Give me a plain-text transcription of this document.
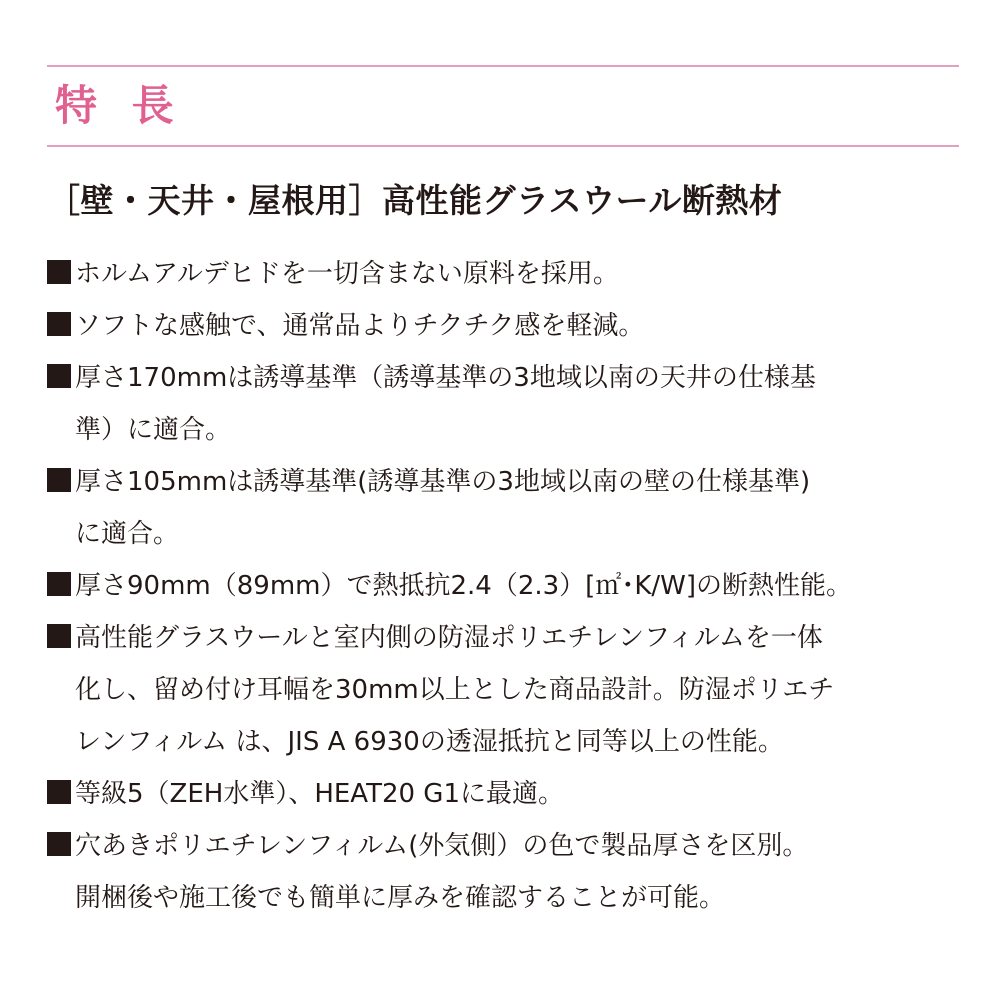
特 長
［壁・天井・屋根用］高性能グラスウール断熱材
ホルムアルデヒドを一切含まない原料を採用。
ソフトな感触で、通常品よりチクチク感を軽減。
厚さ170mmは誘導基準（誘導基準の3地域以南の天井の仕様基
準）に適合。
厚さ105mmは誘導基準(誘導基準の3地域以南の壁の仕様基準)
に適合。
厚さ90mm（89mm）で熱抵抗2.4（2.3）[㎡･K/W]の断熱性能。
高性能グラスウールと室内側の防湿ポリエチレンフィルムを一体
化し、留め付け耳幅を30mm以上とした商品設計。防湿ポリエチ
レンフィルム は、JIS A 6930の透湿抵抗と同等以上の性能。
等級5（ZEH水準）、HEAT20 G1に最適。
穴あきポリエチレンフィルム(外気側）の色で製品厚さを区別。
開梱後や施工後でも簡単に厚みを確認することが可能。
